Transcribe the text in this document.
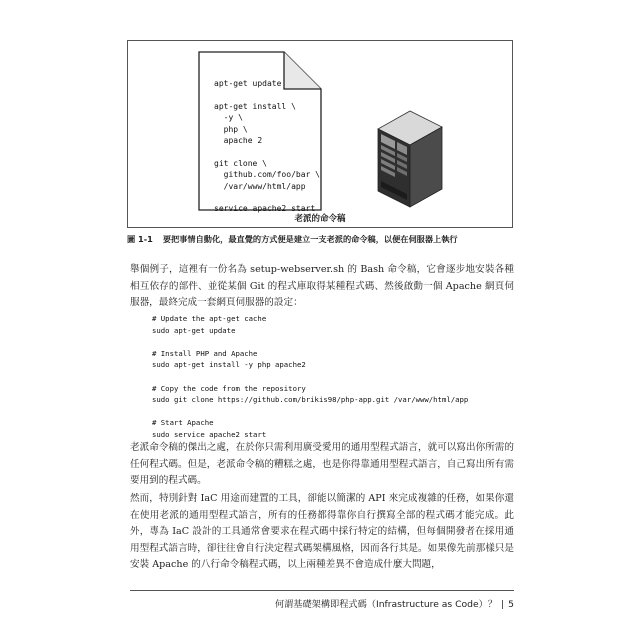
apt-get update
apt-get install \
-y \
php \
apache 2
git clone \
github.com/foo/bar \
/var/www/html/app
service apache2 start
老派的命令稿
圖 1-1 要把事情自動化，最直覺的方式便是建立一支老派的命令稿，以便在伺服器上執行
舉個例子，這裡有一份名為 setup-webserver.sh 的 Bash 命令稿，它會逐步地安裝各種相互依存的部件、並從某個 Git 的程式庫取得某種程式碼、然後啟動一個 Apache 網頁伺服器，最終完成一套網頁伺服器的設定：
# Update the apt-get cache
sudo apt-get update
# Install PHP and Apache
sudo apt-get install -y php apache2
# Copy the code from the repository
sudo git clone https://github.com/brikis98/php-app.git /var/www/html/app
# Start Apache
sudo service apache2 start
老派命令稿的傑出之處，在於你只需利用廣受愛用的通用型程式語言，就可以寫出你所需的任何程式碼。但是，老派命令稿的糟糕之處，也是你得靠通用型程式語言，自己寫出所有需要用到的程式碼。
然而，特別針對 IaC 用途而建置的工具，卻能以簡潔的 API 來完成複雜的任務，如果你還在使用老派的通用型程式語言，所有的任務都得靠你自行撰寫全部的程式碼才能完成。此外，專為 IaC 設計的工具通常會要求在程式碼中採行特定的結構，但每個開發者在採用通用型程式語言時，卻往往會自行決定程式碼架構風格，因而各行其是。如果像先前那樣只是安裝 Apache 的八行命令稿程式碼，以上兩種差異不會造成什麼大問題，
何謂基礎架構即程式碼（Infrastructure as Code）？ | 5
